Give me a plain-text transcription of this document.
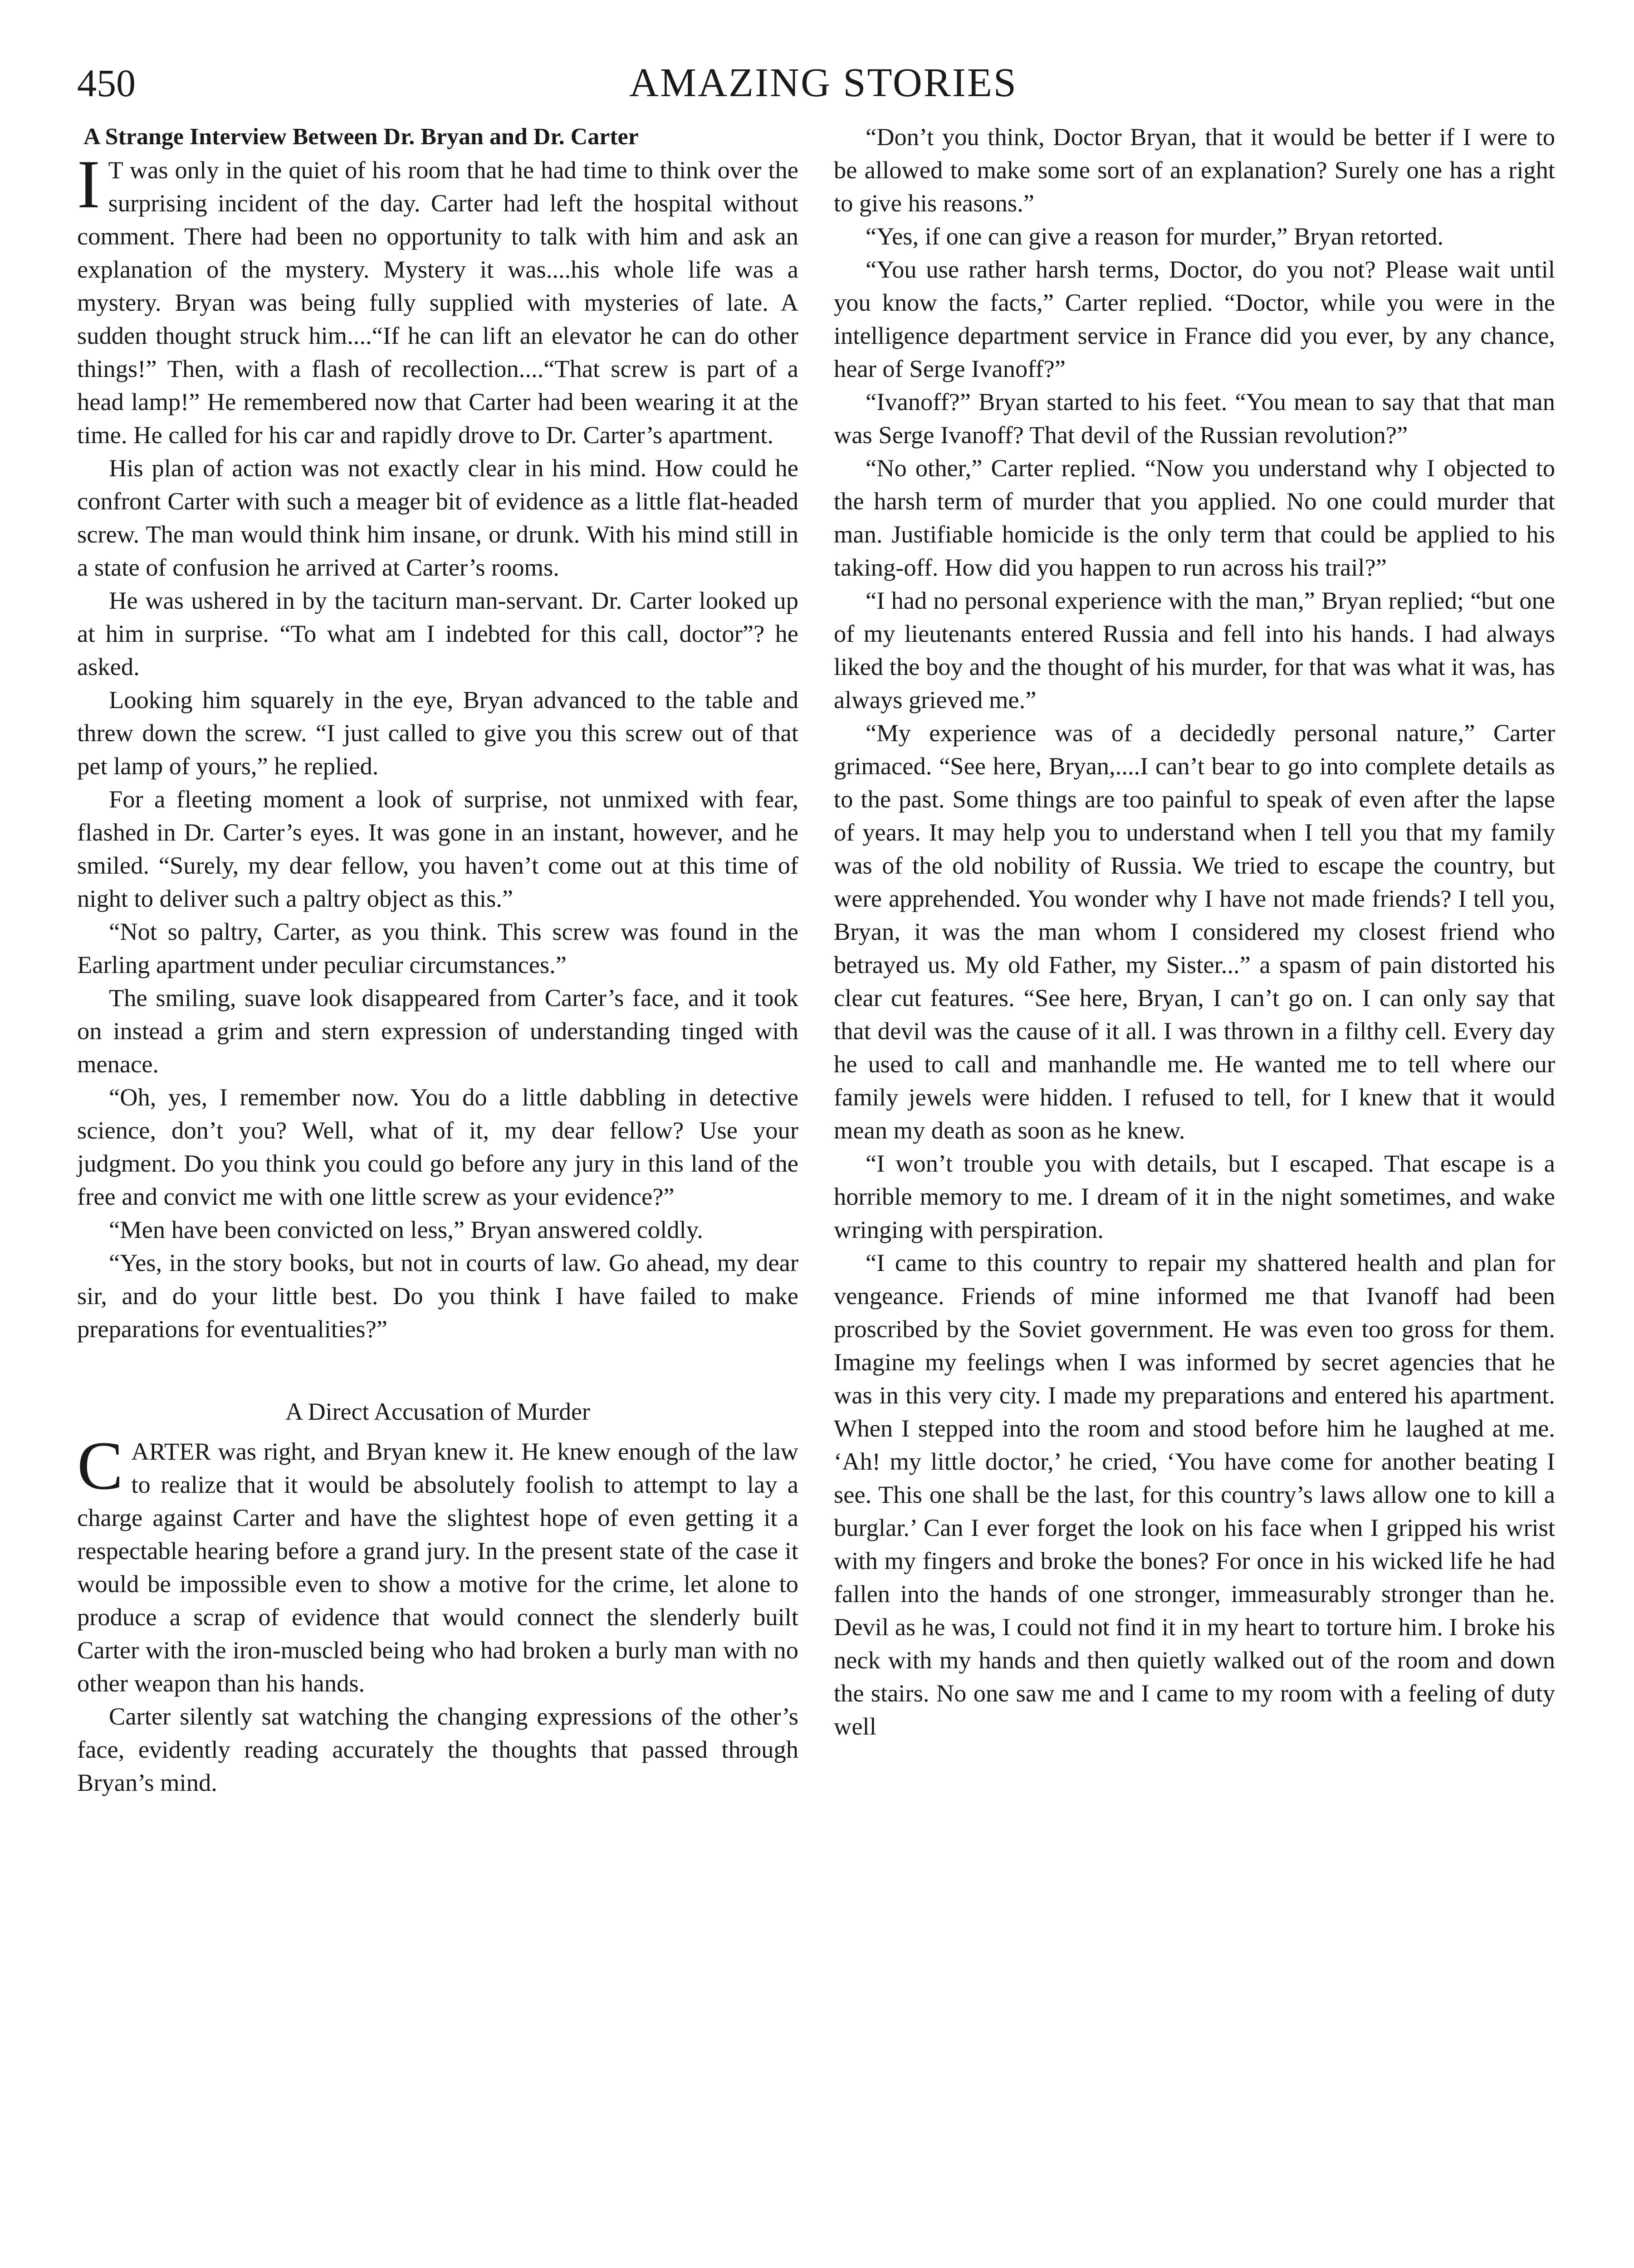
450	AMAZING STORIES
A Strange Interview Between Dr. Bryan and Dr. Carter

I T was only in the quiet of his room that he had time to think over the surprising incident of the day. Carter had left the hospital without comment. There had been no opportunity to talk with him and ask an explanation of the mystery. Mystery it was....his whole life was a mystery. Bryan was being fully supplied with mysteries of late. A sudden thought struck him....“If he can lift an elevator he can do other things!” Then, with a flash of recollection....“That screw is part of a head lamp!” He remembered now that Carter had been wearing it at the time. He called for his car and rapidly drove to Dr. Carter’s apartment.

His plan of action was not exactly clear in his mind. How could he confront Carter with such a meager bit of evidence as a little flat-headed screw. The man would think him insane, or drunk. With his mind still in a state of confusion he arrived at Carter’s rooms.

He was ushered in by the taciturn man-servant. Dr. Carter looked up at him in surprise. “To what am I indebted for this call, doctor”? he asked.

Looking him squarely in the eye, Bryan advanced to the table and threw down the screw. “I just called to give you this screw out of that pet lamp of yours,” he replied.

For a fleeting moment a look of surprise, not unmixed with fear, flashed in Dr. Carter’s eyes. It was gone in an instant, however, and he smiled. “Surely, my dear fellow, you haven’t come out at this time of night to deliver such a paltry object as this.”

“Not so paltry, Carter, as you think. This screw was found in the Earling apartment under peculiar circumstances.”

The smiling, suave look disappeared from Carter’s face, and it took on instead a grim and stern expression of understanding tinged with menace.

“Oh, yes, I remember now. You do a little dabbling in detective science, don’t you? Well, what of it, my dear fellow? Use your judgment. Do you think you could go before any jury in this land of the free and convict me with one little screw as your evidence?”

“Men have been convicted on less,” Bryan answered coldly.

“Yes, in the story books, but not in courts of law. Go ahead, my dear sir, and do your little best. Do you think I have failed to make preparations for eventualities?”

A Direct Accusation of Murder

CARTER was right, and Bryan knew it. He knew enough of the law to realize that it would be absolutely foolish to attempt to lay a charge against Carter and have the slightest hope of even getting it a respectable hearing before a grand jury. In the present state of the case it would be impossible even to show a motive for the crime, let alone to produce a scrap of evidence that would connect the slenderly built Carter with the iron-muscled being who had broken a burly man with no other weapon than his hands.

Carter silently sat watching the changing expressions of the other’s face, evidently reading accurately the thoughts that passed through Bryan’s mind.

“Don’t you think, Doctor Bryan, that it would be better if I were to be allowed to make some sort of an explanation? Surely one has a right to give his reasons.”

“Yes, if one can give a reason for murder,” Bryan retorted.

“You use rather harsh terms, Doctor, do you not? Please wait until you know the facts,” Carter replied. “Doctor, while you were in the intelligence department service in France did you ever, by any chance, hear of Serge Ivanoff?”

“Ivanoff?” Bryan started to his feet. “You mean to say that that man was Serge Ivanoff? That devil of the Russian revolution?”

“No other,” Carter replied. “Now you understand why I objected to the harsh term of murder that you applied. No one could murder that man. Justifiable homicide is the only term that could be applied to his taking-off. How did you happen to run across his trail?”

“I had no personal experience with the man,” Bryan replied; “but one of my lieutenants entered Russia and fell into his hands. I had always liked the boy and the thought of his murder, for that was what it was, has always grieved me.”

“My experience was of a decidedly personal nature,” Carter grimaced. “See here, Bryan,....I can’t bear to go into complete details as to the past. Some things are too painful to speak of even after the lapse of years. It may help you to understand when I tell you that my family was of the old nobility of Russia. We tried to escape the country, but were apprehended. You wonder why I have not made friends? I tell you, Bryan, it was the man whom I considered my closest friend who betrayed us. My old Father, my Sister...” a spasm of pain distorted his clear cut features. “See here, Bryan, I can’t go on. I can only say that that devil was the cause of it all. I was thrown in a filthy cell. Every day he used to call and manhandle me. He wanted me to tell where our family jewels were hidden. I refused to tell, for I knew that it would mean my death as soon as he knew.

“I won’t trouble you with details, but I escaped. That escape is a horrible memory to me. I dream of it in the night sometimes, and wake wringing with perspiration.

“I came to this country to repair my shattered health and plan for vengeance. Friends of mine informed me that Ivanoff had been proscribed by the Soviet government. He was even too gross for them. Imagine my feelings when I was informed by secret agencies that he was in this very city. I made my preparations and entered his apartment. When I stepped into the room and stood before him he laughed at me. ‘Ah! my little doctor,’ he cried, ‘You have come for another beating I see. This one shall be the last, for this country’s laws allow one to kill a burglar.’ Can I ever forget the look on his face when I gripped his wrist with my fingers and broke the bones? For once in his wicked life he had fallen into the hands of one stronger, immeasurably stronger than he. Devil as he was, I could not find it in my heart to torture him. I broke his neck with my hands and then quietly walked out of the room and down the stairs. No one saw me and I came to my room with a feeling of duty well
